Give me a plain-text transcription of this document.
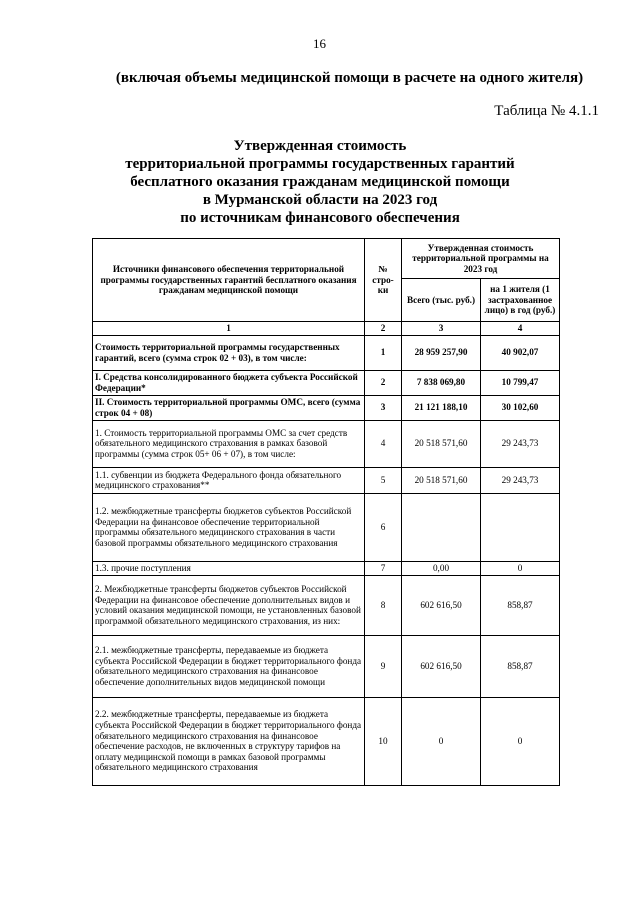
16
(включая объемы медицинской помощи в расчете на одного жителя)
Таблица № 4.1.1
Утвержденная стоимость
территориальной программы государственных гарантий
бесплатного оказания гражданам медицинской помощи
в Мурманской области на 2023 год
по источникам финансового обеспечения
Источники финансового обеспечения территориальной программы государственных гарантий бесплатного оказания гражданам медицинской помощи	№ стро-ки	Утвержденная стоимость территориальной программы на 2023 год	
		Всего (тыс. руб.)	на 1 жителя (1 застрахованное лицо) в год (руб.)
1	2	3	4
Стоимость территориальной программы государственных гарантий, всего (сумма строк 02 + 03), в том числе:	1	28 959 257,90	40 902,07
I. Средства консолидированного бюджета субъекта Российской Федерации*	2	7 838 069,80	10 799,47
II. Стоимость территориальной программы ОМС, всего (сумма строк 04 + 08)	3	21 121 188,10	30 102,60
1. Стоимость территориальной программы ОМС за счет средств обязательного медицинского страхования в рамках базовой программы (сумма строк 05+ 06 + 07), в том числе:	4	20 518 571,60	29 243,73
1.1. субвенции из бюджета Федерального фонда обязательного медицинского страхования**	5	20 518 571,60	29 243,73
1.2. межбюджетные трансферты бюджетов субъектов Российской Федерации на финансовое обеспечение территориальной программы обязательного медицинского страхования в части базовой программы обязательного медицинского страхования	6		
1.3. прочие поступления	7	0,00	0
2. Межбюджетные трансферты бюджетов субъектов Российской Федерации на финансовое обеспечение дополнительных видов и условий оказания медицинской помощи, не установленных базовой программой обязательного медицинского страхования, из них:	8	602 616,50	858,87
2.1. межбюджетные трансферты, передаваемые из бюджета субъекта Российской Федерации в бюджет территориального фонда обязательного медицинского страхования на финансовое обеспечение дополнительных видов медицинской помощи	9	602 616,50	858,87
2.2. межбюджетные трансферты, передаваемые из бюджета субъекта Российской Федерации в бюджет территориального фонда обязательного медицинского страхования на финансовое обеспечение расходов, не включенных в структуру тарифов на оплату медицинской помощи в рамках базовой программы обязательного медицинского страхования	10	0	0
